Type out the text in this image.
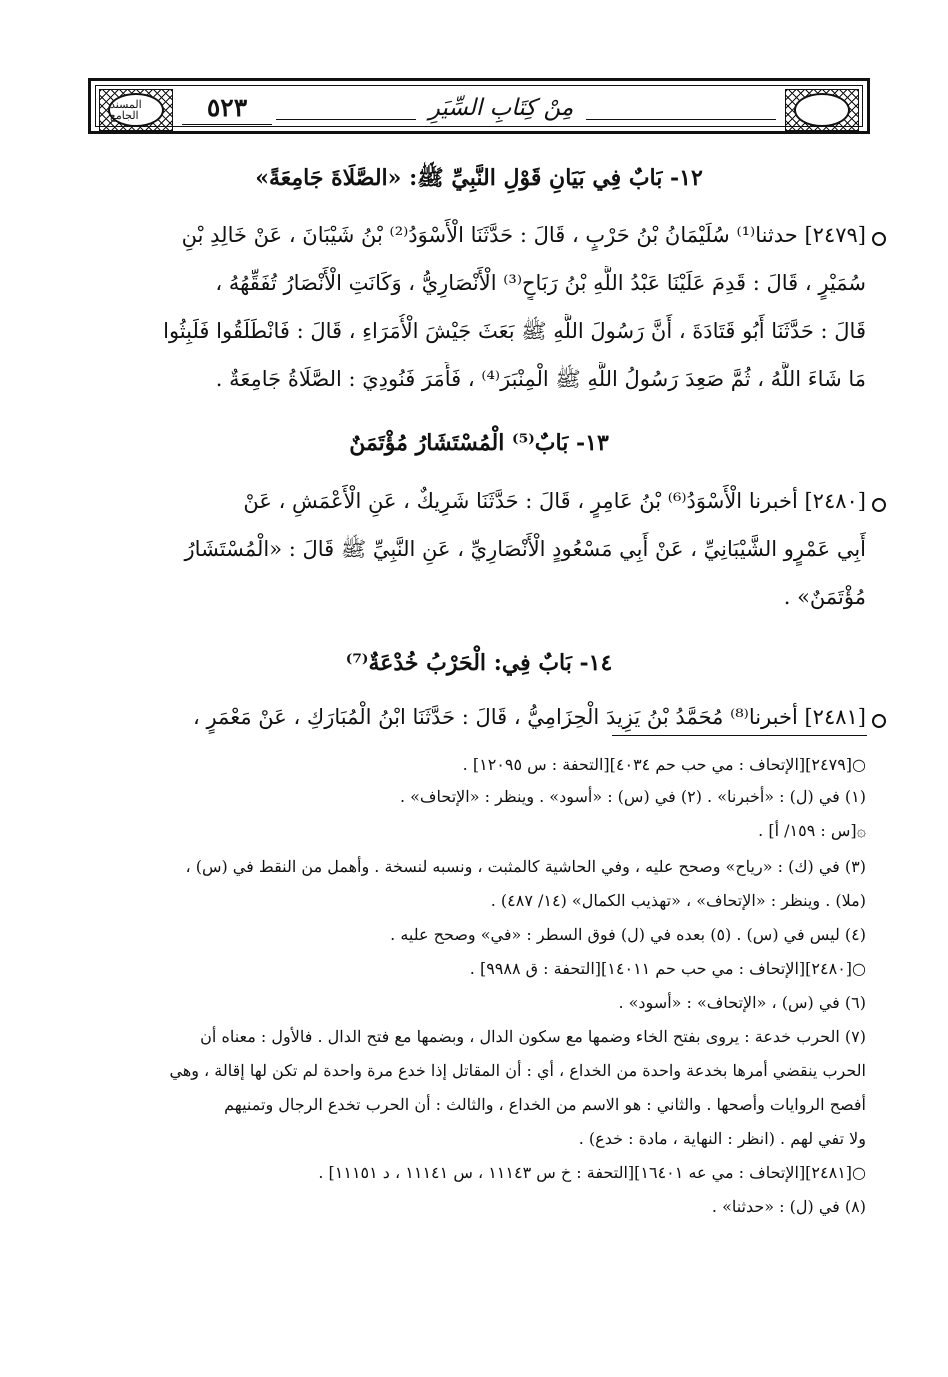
المسند الجامع	٥٢٣	مِنْ كِتَابِ السِّيَرِ
١٢- بَابٌ فِي بَيَانِ قَوْلِ النَّبِيِّ ﷺ: «الصَّلَاةَ جَامِعَةً»
[٢٤٧٩] حدثنا⁽¹⁾ سُلَيْمَانُ بْنُ حَرْبٍ ، قَالَ : حَدَّثَنَا الْأَسْوَدُ⁽²⁾ بْنُ شَيْبَانَ ، عَنْ خَالِدِ بْنِ
سُمَيْرٍ ، قَالَ : قَدِمَ عَلَيْنَا عَبْدُ اللَّهِ بْنُ رَبَاحٍ⁽³⁾ الْأَنْصَارِيُّ ، وَكَانَتِ الْأَنْصَارُ تُفَقِّهُهُ ،
قَالَ : حَدَّثَنَا أَبُو قَتَادَةَ ، أَنَّ رَسُولَ اللَّهِ ﷺ بَعَثَ جَيْشَ الْأُمَرَاءِ ، قَالَ : فَانْطَلَقُوا فَلَبِثُوا
مَا شَاءَ اللَّهُ ، ثُمَّ صَعِدَ رَسُولُ اللَّهِ ﷺ الْمِنْبَرَ⁽⁴⁾ ، فَأَمَرَ فَنُودِيَ : الصَّلَاةُ جَامِعَةٌ .
١٣- بَابٌ⁽⁵⁾ الْمُسْتَشَارُ مُؤْتَمَنٌ
[٢٤٨٠] أخبرنا الْأَسْوَدُ⁽⁶⁾ بْنُ عَامِرٍ ، قَالَ : حَدَّثَنَا شَرِيكٌ ، عَنِ الْأَعْمَشِ ، عَنْ
أَبِي عَمْرٍو الشَّيْبَانِيِّ ، عَنْ أَبِي مَسْعُودٍ الْأَنْصَارِيِّ ، عَنِ النَّبِيِّ ﷺ قَالَ : «الْمُسْتَشَارُ
مُؤْتَمَنٌ» .
١٤- بَابٌ فِي: الْحَرْبُ خُدْعَةٌ⁽⁷⁾
[٢٤٨١] أخبرنا⁽⁸⁾ مُحَمَّدُ بْنُ يَزِيدَ الْحِزَامِيُّ ، قَالَ : حَدَّثَنَا ابْنُ الْمُبَارَكِ ، عَنْ مَعْمَرٍ ،
○[٢٤٧٩][الإتحاف : مي حب حم ٤٠٣٤][التحفة : س ١٢٠٩٥] .
(١) في (ل) : «أخبرنا» . (٢) في (س) : «أسود» . وينظر : «الإتحاف» .
۞[س : ١٥٩/ أ] .
(٣) في (ك) : «رياح» وصحح عليه ، وفي الحاشية كالمثبت ، ونسبه لنسخة . وأهمل من النقط في (س) ،
(ملا) . وينظر : «الإتحاف» ، «تهذيب الكمال» (١٤/ ٤٨٧) .
(٤) ليس في (س) . (٥) بعده في (ل) فوق السطر : «في» وصحح عليه .
○[٢٤٨٠][الإتحاف : مي حب حم ١٤٠١١][التحفة : ق ٩٩٨٨] .
(٦) في (س) ، «الإتحاف» : «أسود» .
(٧) الحرب خدعة : يروى بفتح الخاء وضمها مع سكون الدال ، وبضمها مع فتح الدال . فالأول : معناه أن
الحرب ينقضي أمرها بخدعة واحدة من الخداع ، أي : أن المقاتل إذا خدع مرة واحدة لم تكن لها إقالة ، وهي
أفصح الروايات وأصحها . والثاني : هو الاسم من الخداع ، والثالث : أن الحرب تخدع الرجال وتمنيهم
ولا تفي لهم . (انظر : النهاية ، مادة : خدع) .
○[٢٤٨١][الإتحاف : مي عه ١٦٤٠١][التحفة : خ س ١١١٤٣ ، س ١١١٤١ ، د ١١١٥١] .
(٨) في (ل) : «حدثنا» .
